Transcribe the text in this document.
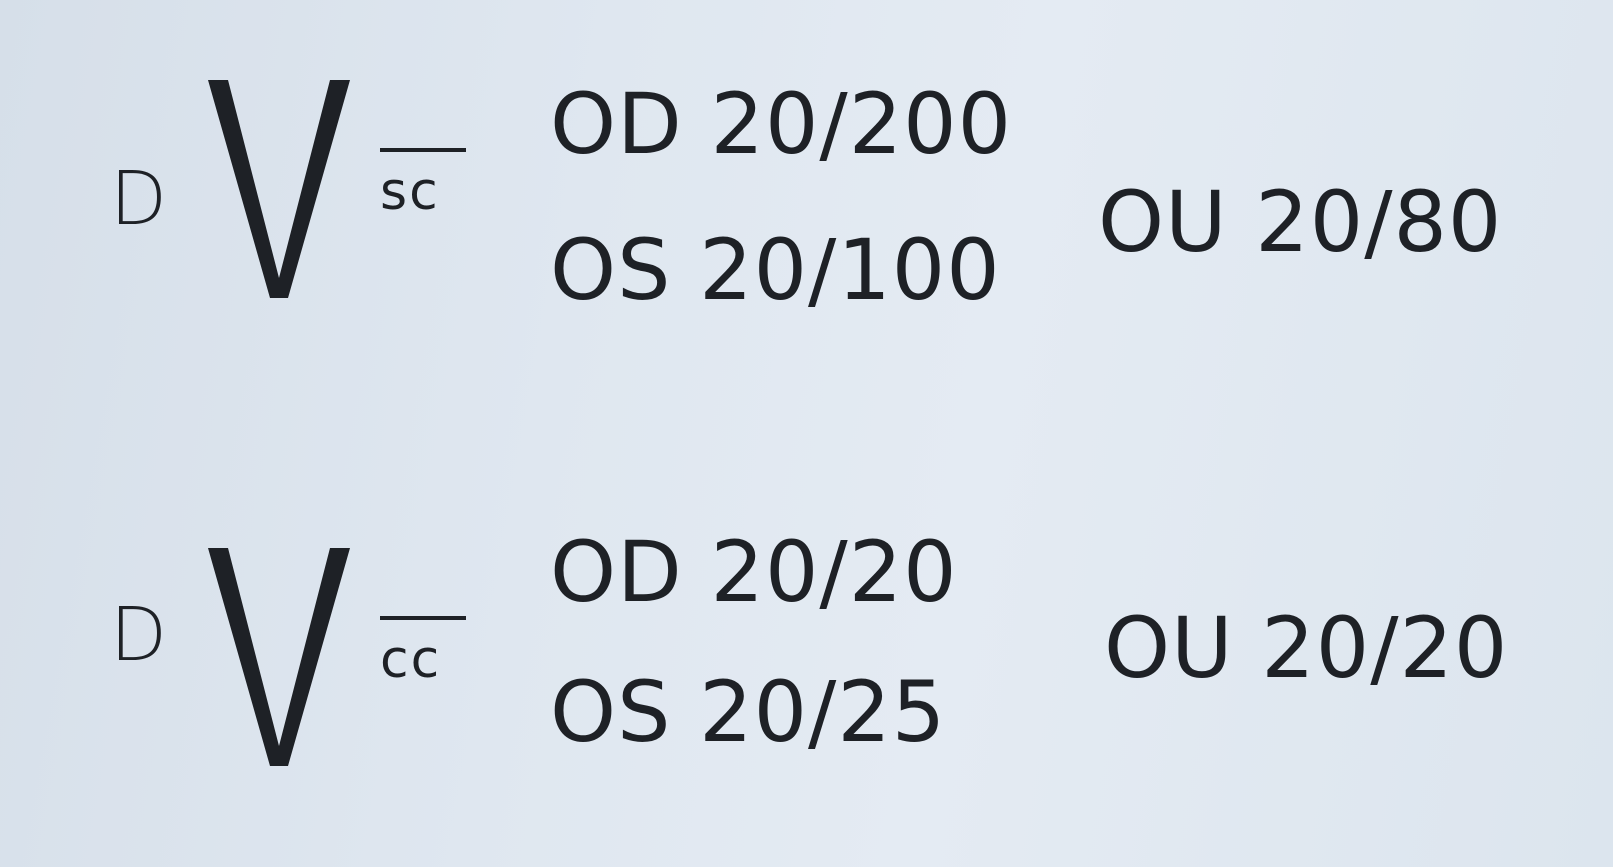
D	sc
OD 20/200
OS 20/100 OU 20/80
D	cc
OD 20/20
OS 20/25
OU 20/20
